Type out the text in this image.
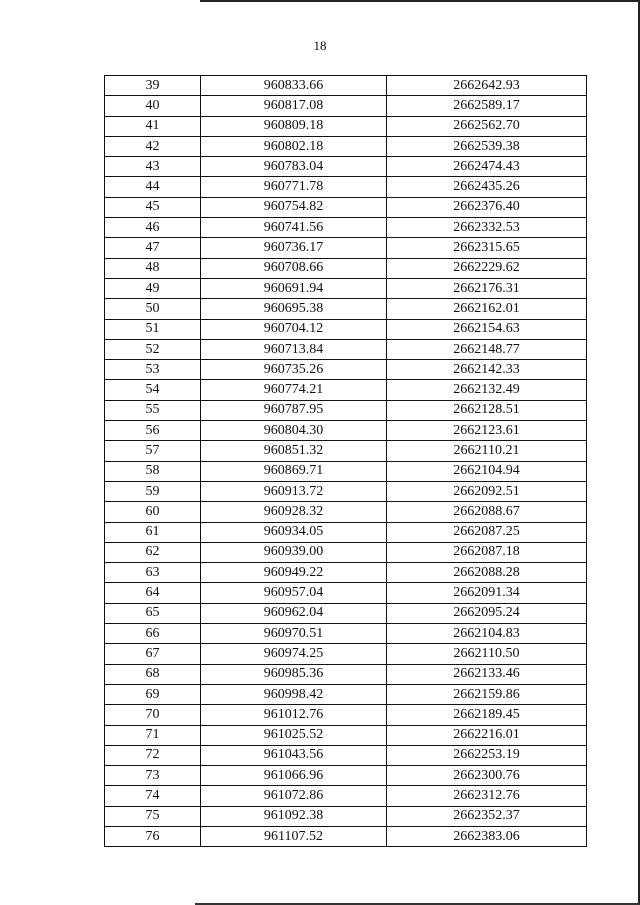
18
39	960833.66	2662642.93
40	960817.08	2662589.17
41	960809.18	2662562.70
42	960802.18	2662539.38
43	960783.04	2662474.43
44	960771.78	2662435.26
45	960754.82	2662376.40
46	960741.56	2662332.53
47	960736.17	2662315.65
48	960708.66	2662229.62
49	960691.94	2662176.31
50	960695.38	2662162.01
51	960704.12	2662154.63
52	960713.84	2662148.77
53	960735.26	2662142.33
54	960774.21	2662132.49
55	960787.95	2662128.51
56	960804.30	2662123.61
57	960851.32	2662110.21
58	960869.71	2662104.94
59	960913.72	2662092.51
60	960928.32	2662088.67
61	960934.05	2662087.25
62	960939.00	2662087.18
63	960949.22	2662088.28
64	960957.04	2662091.34
65	960962.04	2662095.24
66	960970.51	2662104.83
67	960974.25	2662110.50
68	960985.36	2662133.46
69	960998.42	2662159.86
70	961012.76	2662189.45
71	961025.52	2662216.01
72	961043.56	2662253.19
73	961066.96	2662300.76
74	961072.86	2662312.76
75	961092.38	2662352.37
76	961107.52	2662383.06
